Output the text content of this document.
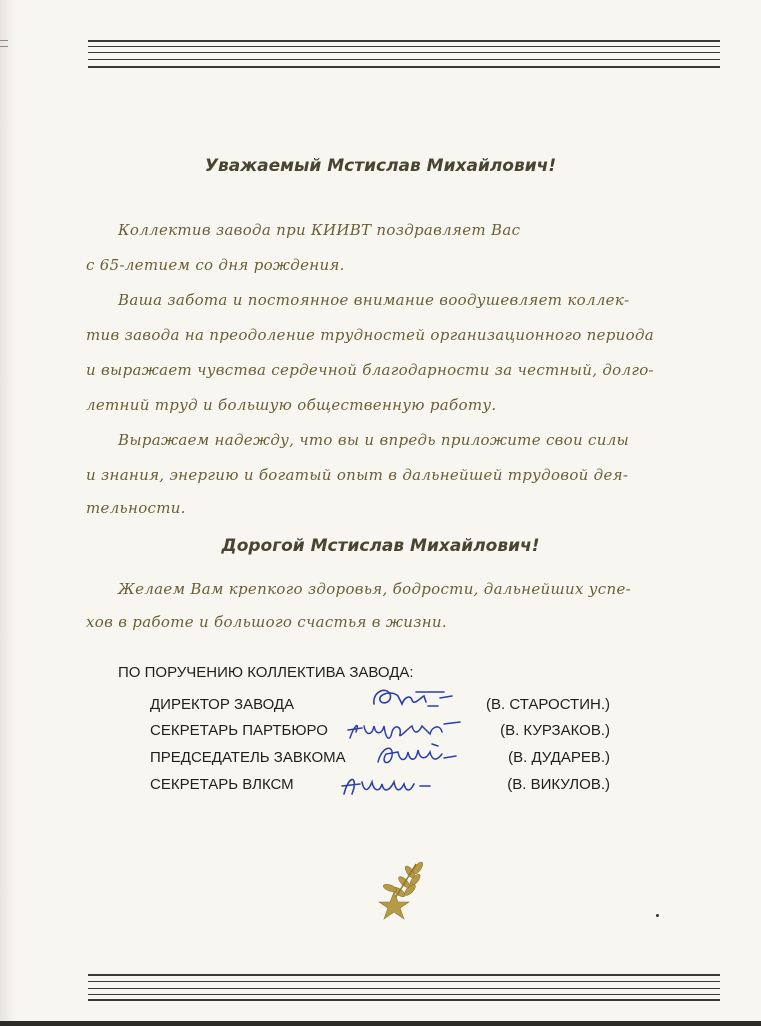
Уважаемый Мстислав Михайлович!

Коллектив завода при КИИВТ поздравляет Вас

с 65-летием со дня рождения.

Ваша забота и постоянное внимание воодушевляет коллек-

тив завода на преодоление трудностей организационного периода

и выражает чувства сердечной благодарности за честный, долго-

летний труд и большую общественную работу.

Выражаем надежду, что вы и впредь приложите свои силы

и знания, энергию и богатый опыт в дальнейшей трудовой дея-

тельности.

Дорогой Мстислав Михайлович!

Желаем Вам крепкого здоровья, бодрости, дальнейших успе-

хов в работе и большого счастья в жизни.

ПО ПОРУЧЕНИЮ КОЛЛЕКТИВА ЗАВОДА:

ДИРЕКТОР ЗАВОДА	(В. СТАРОСТИН.)
СЕКРЕТАРЬ ПАРТБЮРО	(В. КУРЗАКОВ.)
ПРЕДСЕДАТЕЛЬ ЗАВКОМА	(В. ДУДАРЕВ.)
СЕКРЕТАРЬ ВЛКСМ	(В. ВИКУЛОВ.)
